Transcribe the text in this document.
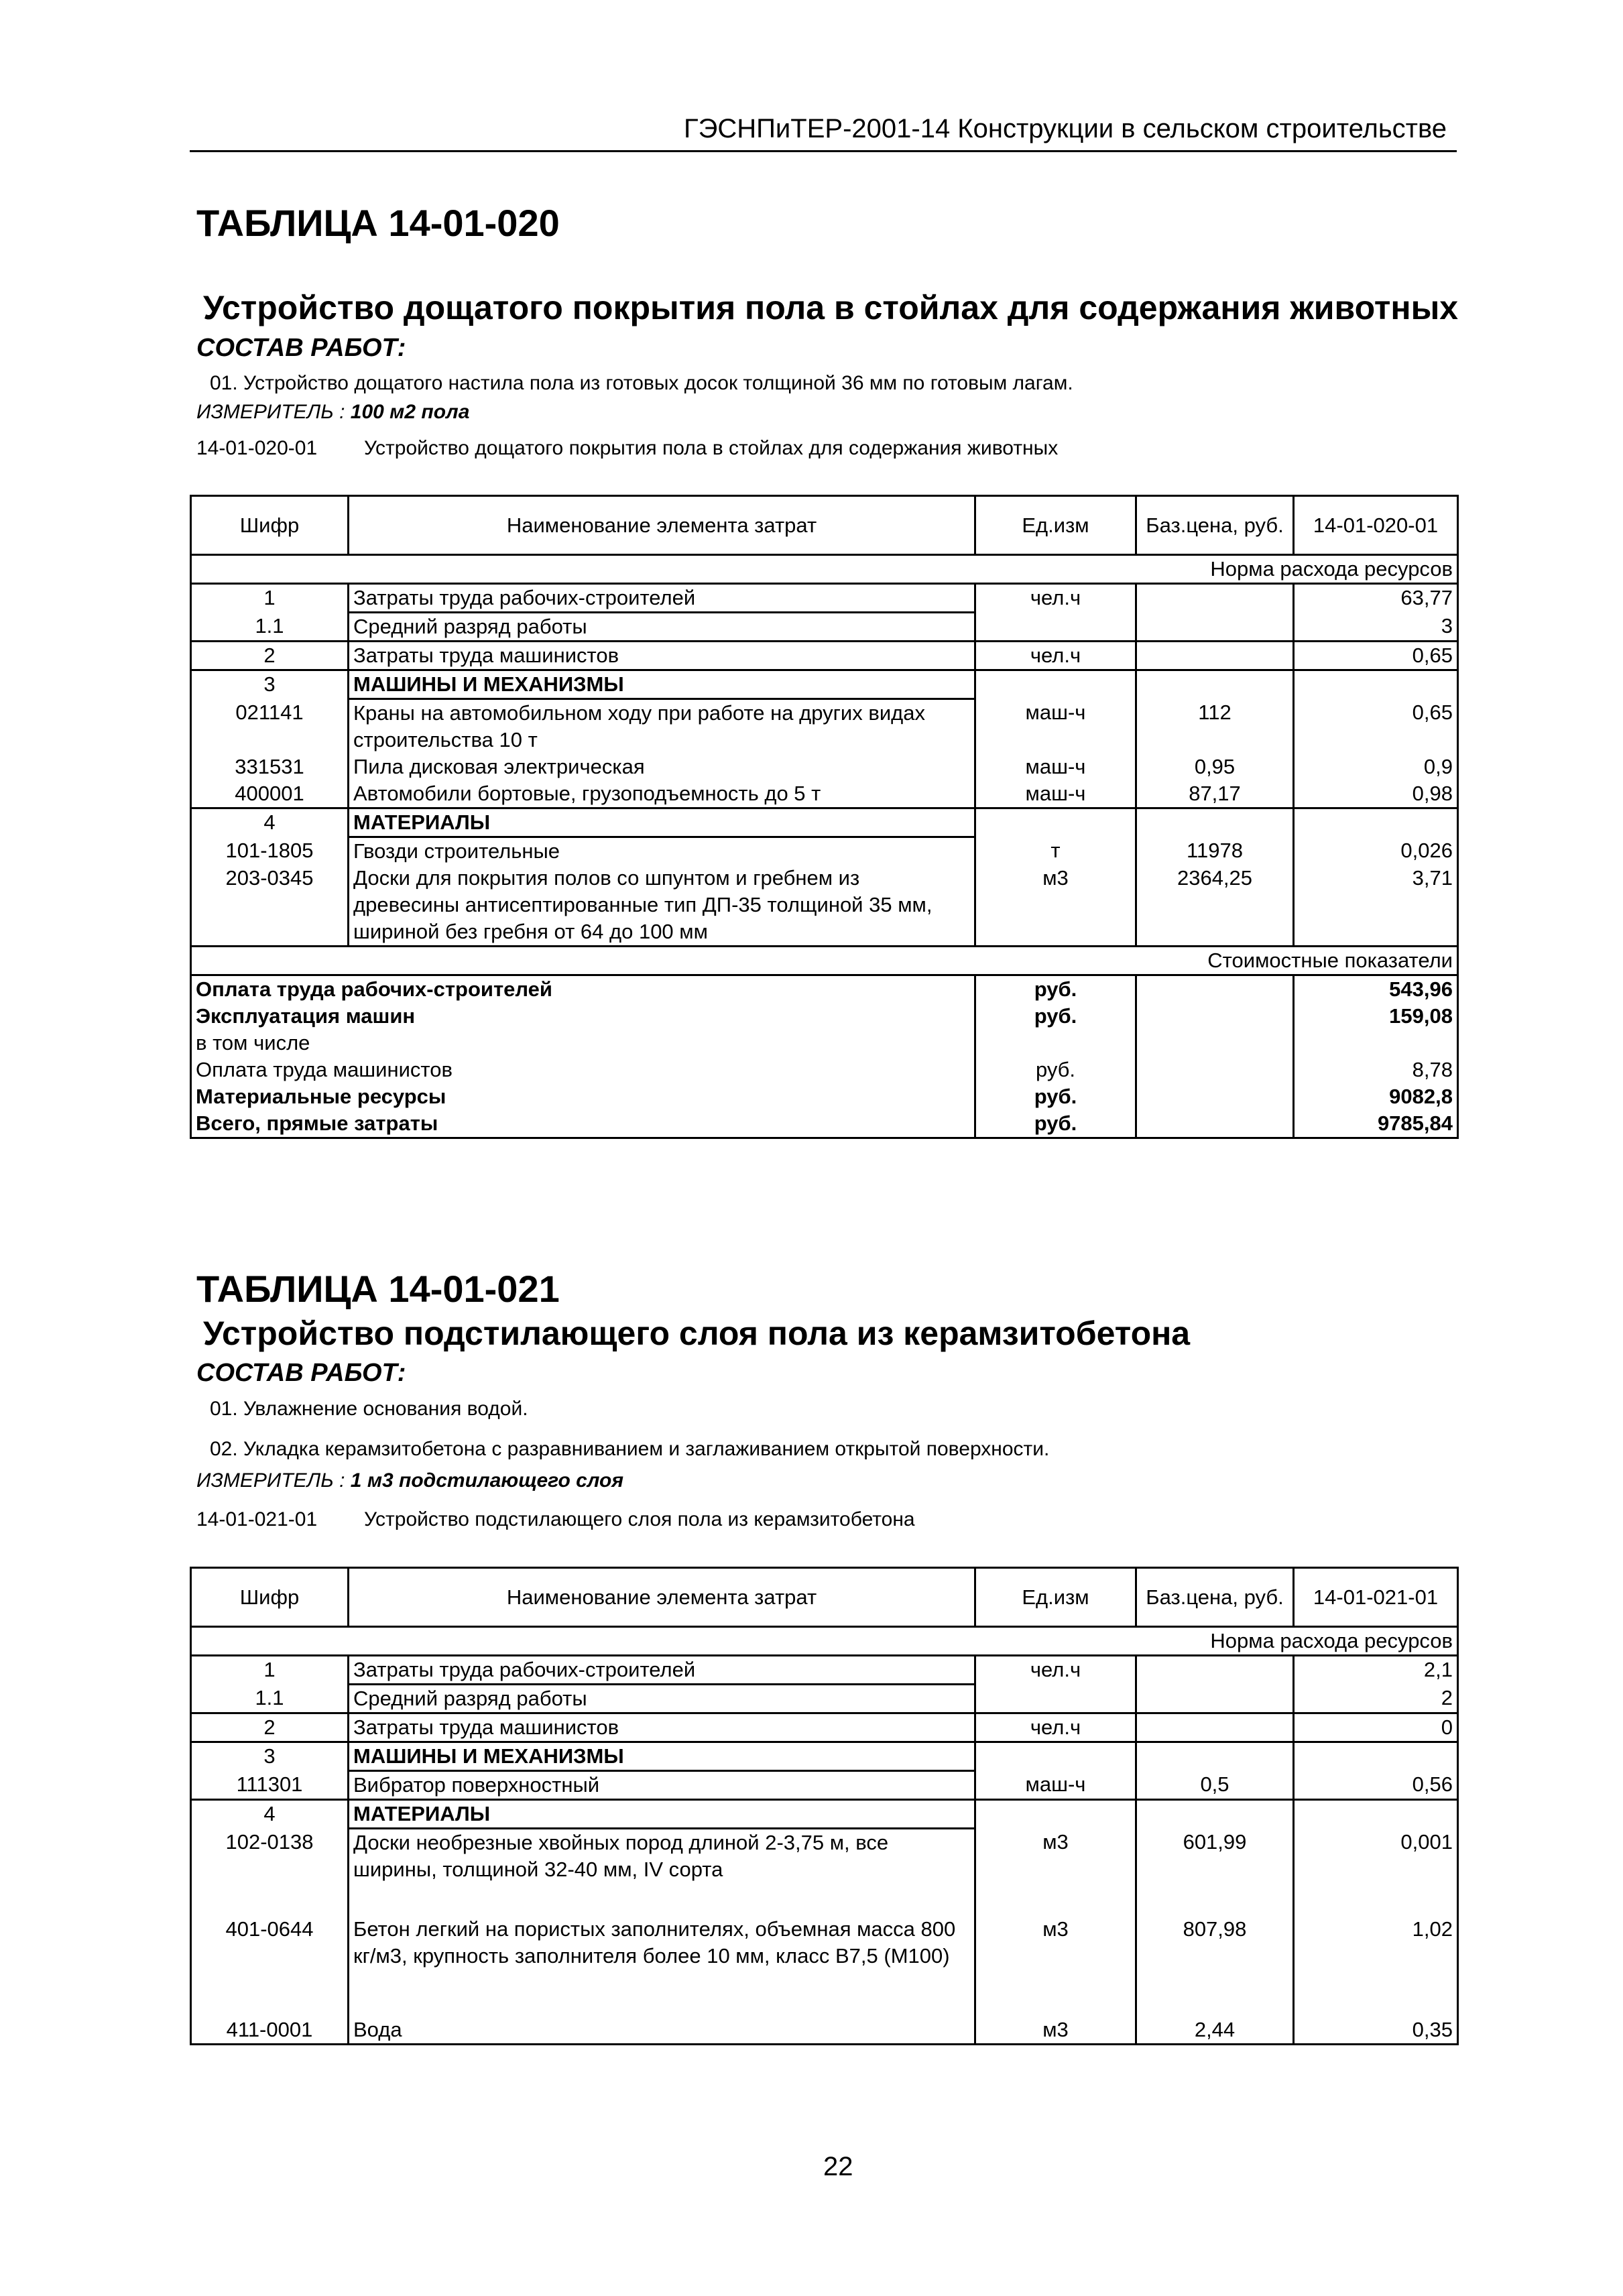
ГЭСНПиТЕР-2001-14 Конструкции в сельском строительстве
ТАБЛИЦА 14-01-020
Устройство дощатого покрытия пола в стойлах для содержания животных
СОСТАВ РАБОТ:
01. Устройство дощатого настила пола из готовых досок толщиной 36 мм по готовым лагам.
ИЗМЕРИТЕЛЬ : 100 м2 пола
14-01-020-01 Устройство дощатого покрытия пола в стойлах для содержания животных
Шифр	Наименование элемента затрат	Ед.изм	Баз.цена, руб.	14-01-020-01
Норма расхода ресурсов				
1	Затраты труда рабочих-строителей	чел.ч		63,77
1.1	Средний разряд работы			3
2	Затраты труда машинистов	чел.ч		0,65
3	МАШИНЫ И МЕХАНИЗМЫ			
021141	Краны на автомобильном ходу при работе на других видах строительства 10 т	маш-ч	112	0,65
331531	Пила дисковая электрическая	маш-ч	0,95	0,9
400001	Автомобили бортовые, грузоподъемность до 5 т	маш-ч	87,17	0,98
4	МАТЕРИАЛЫ			
101-1805	Гвозди строительные	т	11978	0,026
203-0345	Доски для покрытия полов со шпунтом и гребнем из древесины антисептированные тип ДП-35 толщиной 35 мм, шириной без гребня от 64 до 100 мм	м3	2364,25	3,71
Стоимостные показатели				
Оплата труда рабочих-строителей		руб.		543,96
Эксплуатация машин		руб.		159,08
в том числе				
Оплата труда машинистов		руб.		8,78
Материальные ресурсы		руб.		9082,8
Всего, прямые затраты		руб.		9785,84
ТАБЛИЦА 14-01-021
Устройство подстилающего слоя пола из керамзитобетона
СОСТАВ РАБОТ:
01. Увлажнение основания водой.
02. Укладка керамзитобетона с разравниванием и заглаживанием открытой поверхности.
ИЗМЕРИТЕЛЬ : 1 м3 подстилающего слоя
14-01-021-01 Устройство подстилающего слоя пола из керамзитобетона
Шифр	Наименование элемента затрат	Ед.изм	Баз.цена, руб.	14-01-021-01
Норма расхода ресурсов				
1	Затраты труда рабочих-строителей	чел.ч		2,1
1.1	Средний разряд работы			2
2	Затраты труда машинистов	чел.ч		0
3	МАШИНЫ И МЕХАНИЗМЫ			
111301	Вибратор поверхностный	маш-ч	0,5	0,56
4	МАТЕРИАЛЫ			
102-0138	Доски необрезные хвойных пород длиной 2-3,75 м, все ширины, толщиной 32-40 мм, IV сорта	м3	601,99	0,001
401-0644	Бетон легкий на пористых заполнителях, объемная масса 800 кг/м3, крупность заполнителя более 10 мм, класс В7,5 (М100)	м3	807,98	1,02
411-0001	Вода	м3	2,44	0,35
22
